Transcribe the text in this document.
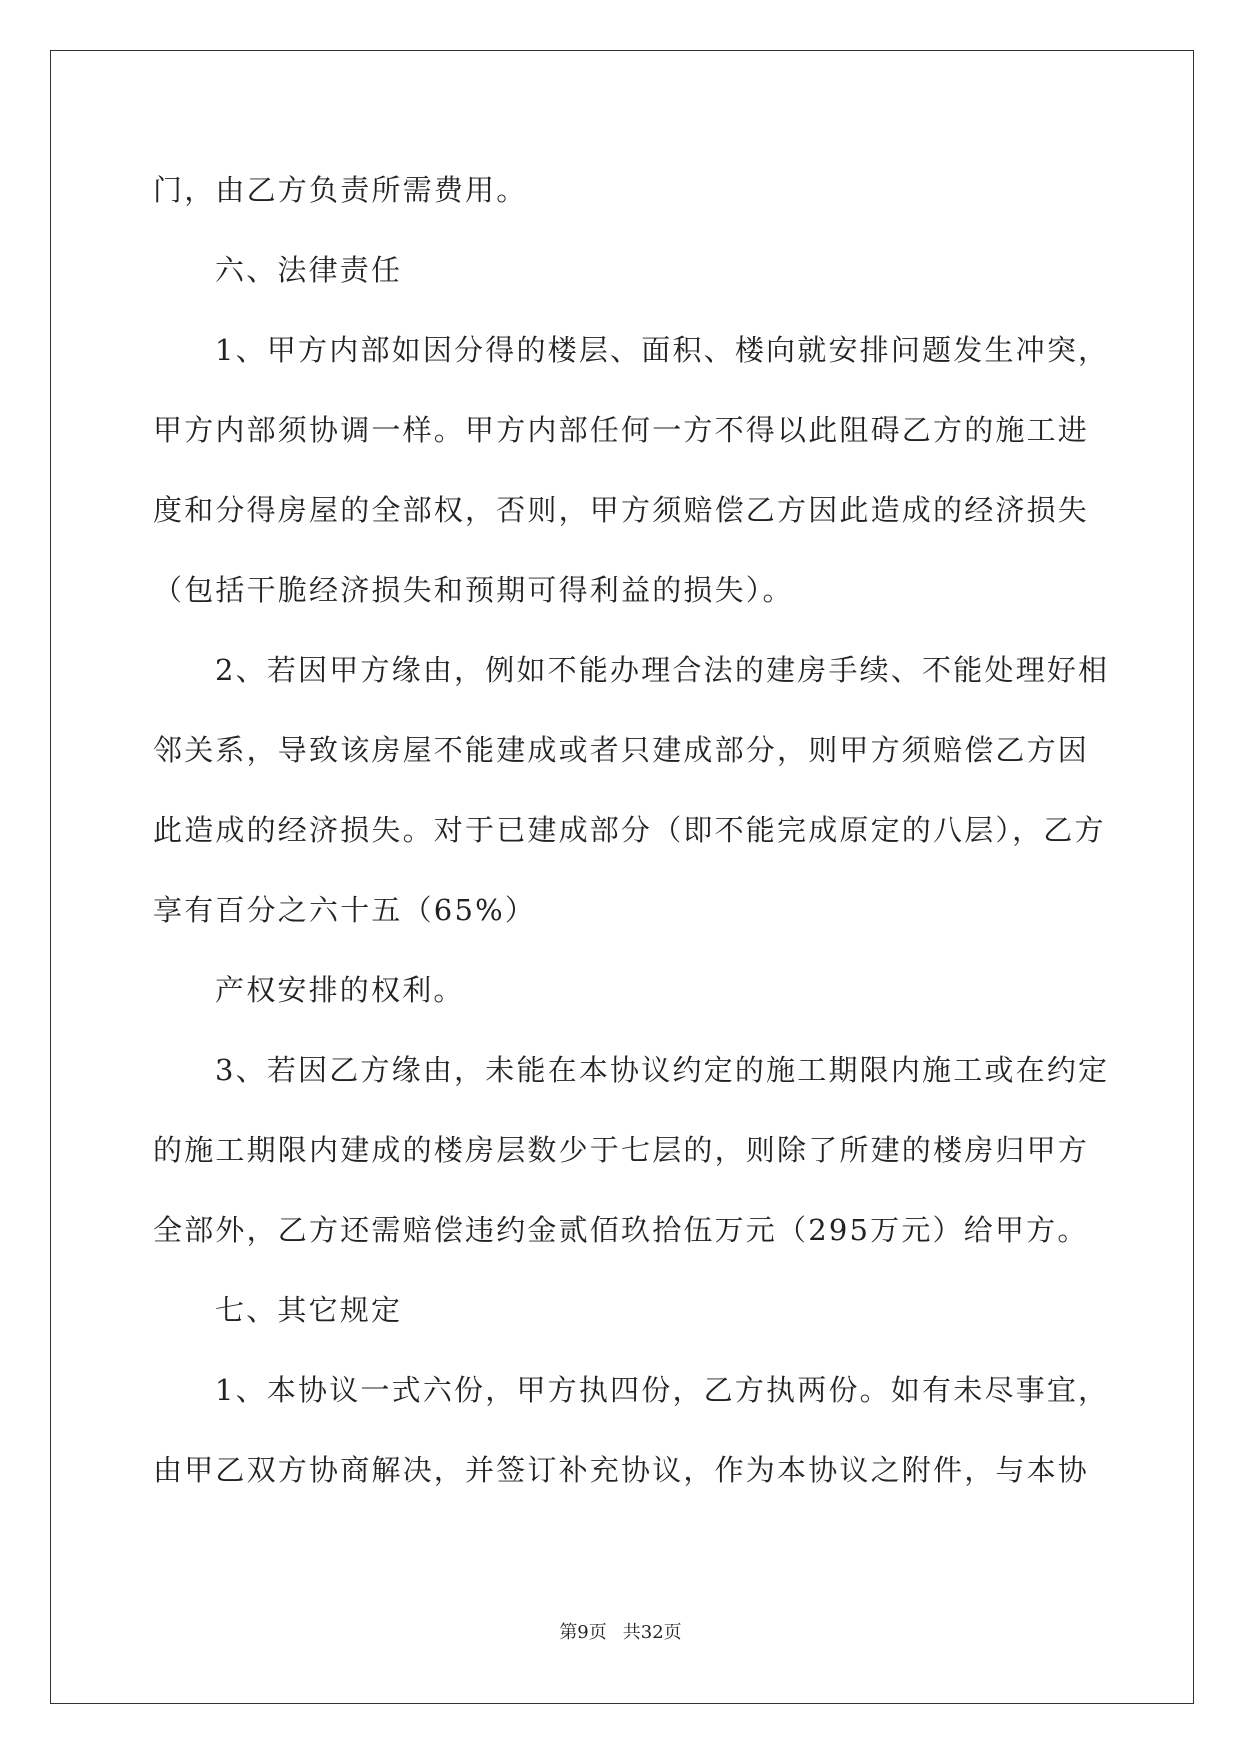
门，由乙方负责所需费用。
六、法律责任
1、甲方内部如因分得的楼层、面积、楼向就安排问题发生冲突，
甲方内部须协调一样。甲方内部任何一方不得以此阻碍乙方的施工进
度和分得房屋的全部权，否则，甲方须赔偿乙方因此造成的经济损失
（包括干脆经济损失和预期可得利益的损失）。
2、若因甲方缘由，例如不能办理合法的建房手续、不能处理好相
邻关系，导致该房屋不能建成或者只建成部分，则甲方须赔偿乙方因
此造成的经济损失。对于已建成部分（即不能完成原定的八层），乙方
享有百分之六十五（65%）
产权安排的权利。
3、若因乙方缘由，未能在本协议约定的施工期限内施工或在约定
的施工期限内建成的楼房层数少于七层的，则除了所建的楼房归甲方
全部外，乙方还需赔偿违约金贰佰玖拾伍万元（295万元）给甲方。
七、其它规定
1、本协议一式六份，甲方执四份，乙方执两份。如有未尽事宜，
由甲乙双方协商解决，并签订补充协议，作为本协议之附件，与本协
第9页 共32页
